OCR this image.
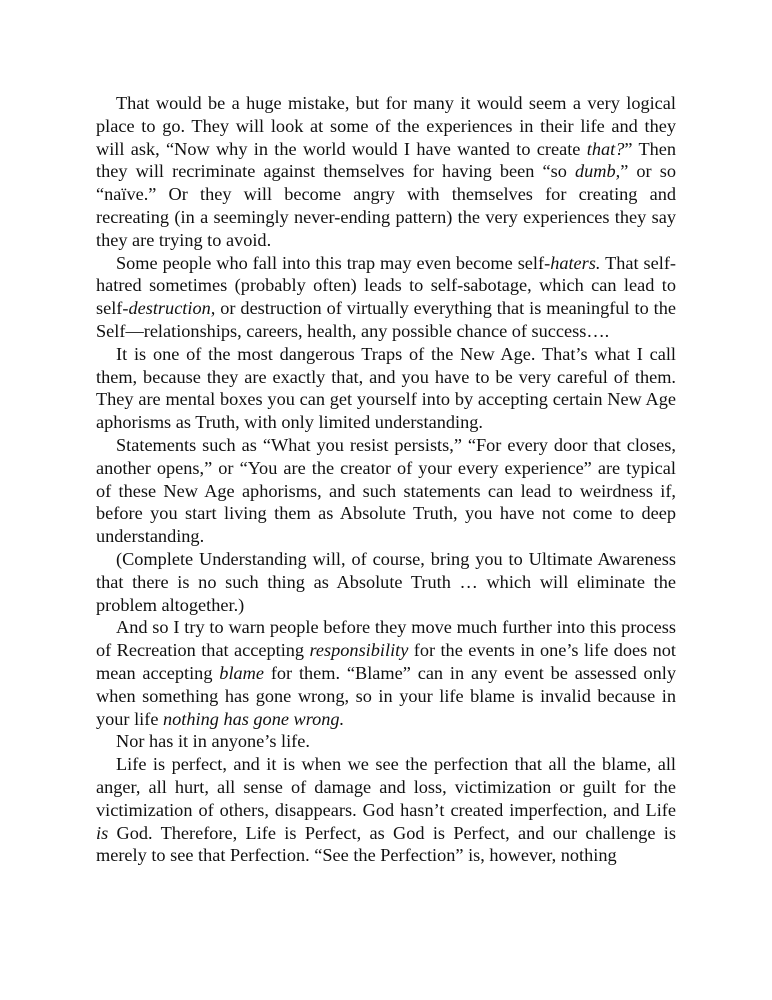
That would be a huge mistake, but for many it would seem a very logical place to go. They will look at some of the experiences in their life and they will ask, “Now why in the world would I have wanted to create that?” Then they will recriminate against themselves for having been “so dumb,” or so “naïve.” Or they will become angry with themselves for creating and recreating (in a seemingly never-ending pattern) the very experiences they say they are trying to avoid.

Some people who fall into this trap may even become self-haters. That self-hatred sometimes (probably often) leads to self-sabotage, which can lead to self-destruction, or destruction of virtually everything that is meaningful to the Self—relationships, careers, health, any possible chance of success….

It is one of the most dangerous Traps of the New Age. That’s what I call them, because they are exactly that, and you have to be very careful of them. They are mental boxes you can get yourself into by accepting certain New Age aphorisms as Truth, with only limited understanding.

Statements such as “What you resist persists,” “For every door that closes, another opens,” or “You are the creator of your every experience” are typical of these New Age aphorisms, and such statements can lead to weirdness if, before you start living them as Absolute Truth, you have not come to deep understanding.

(Complete Understanding will, of course, bring you to Ultimate Awareness that there is no such thing as Absolute Truth … which will eliminate the problem altogether.)

And so I try to warn people before they move much further into this process of Recreation that accepting responsibility for the events in one’s life does not mean accepting blame for them. “Blame” can in any event be assessed only when something has gone wrong, so in your life blame is invalid because in your life nothing has gone wrong.

Nor has it in anyone’s life.

Life is perfect, and it is when we see the perfection that all the blame, all anger, all hurt, all sense of damage and loss, victimization or guilt for the victimization of others, disappears. God hasn’t created imperfection, and Life is God. Therefore, Life is Perfect, as God is Perfect, and our challenge is merely to see that Perfection. “See the Perfection” is, however, nothing
